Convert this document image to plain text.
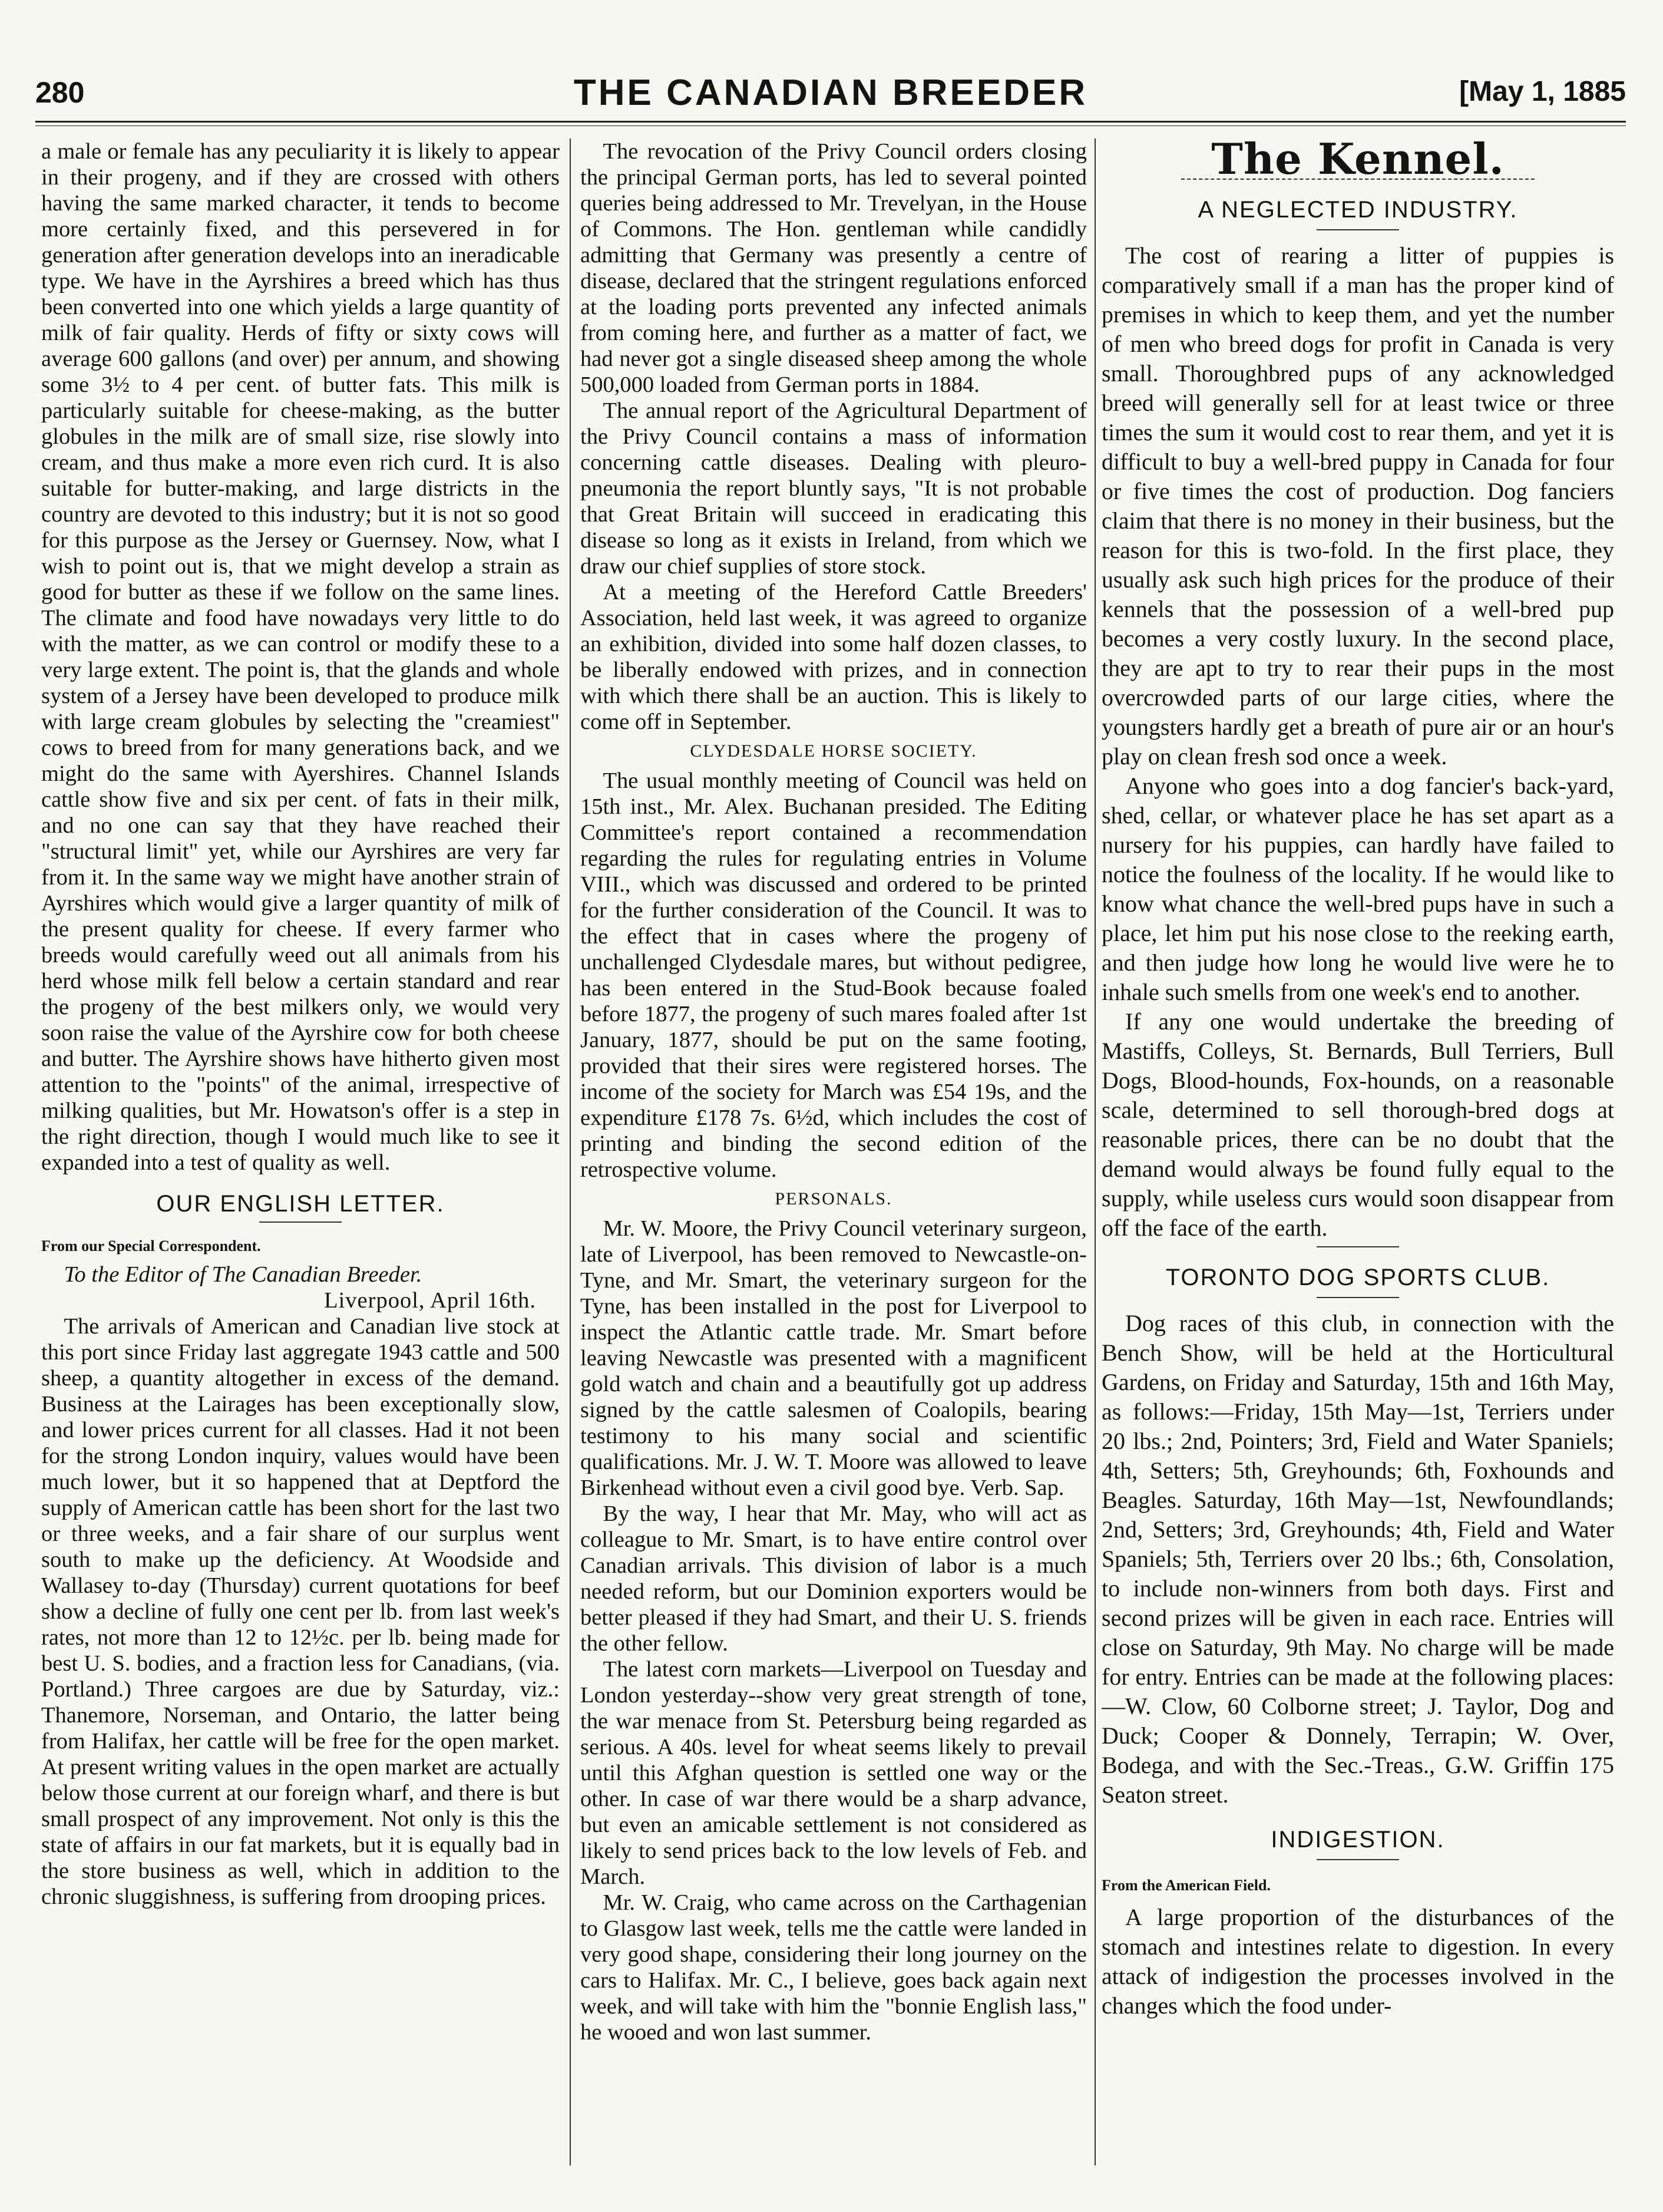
280	THE CANADIAN BREEDER	[May 1, 1885

a male or female has any peculiarity it is likely to appear in their progeny, and if they are crossed with others having the same marked character, it tends to become more certainly fixed, and this persevered in for generation after generation develops into an ineradicable type. We have in the Ayrshires a breed which has thus been converted into one which yields a large quantity of milk of fair quality. Herds of fifty or sixty cows will average 600 gallons (and over) per annum, and showing some 3½ to 4 per cent. of butter fats. This milk is particularly suitable for cheese-making, as the butter globules in the milk are of small size, rise slowly into cream, and thus make a more even rich curd. It is also suitable for butter-making, and large districts in the country are devoted to this industry; but it is not so good for this purpose as the Jersey or Guernsey. Now, what I wish to point out is, that we might develop a strain as good for butter as these if we follow on the same lines. The climate and food have nowadays very little to do with the matter, as we can control or modify these to a very large extent. The point is, that the glands and whole system of a Jersey have been developed to produce milk with large cream globules by selecting the "creamiest" cows to breed from for many generations back, and we might do the same with Ayershires. Channel Islands cattle show five and six per cent. of fats in their milk, and no one can say that they have reached their "structural limit" yet, while our Ayrshires are very far from it. In the same way we might have another strain of Ayrshires which would give a larger quantity of milk of the present quality for cheese. If every farmer who breeds would carefully weed out all animals from his herd whose milk fell below a certain standard and rear the progeny of the best milkers only, we would very soon raise the value of the Ayrshire cow for both cheese and butter. The Ayrshire shows have hitherto given most attention to the "points" of the animal, irrespective of milking qualities, but Mr. Howatson's offer is a step in the right direction, though I would much like to see it expanded into a test of quality as well.

OUR ENGLISH LETTER.
From our Special Correspondent.

To the Editor of The Canadian Breeder.

Liverpool, April 16th.

The arrivals of American and Canadian live stock at this port since Friday last aggregate 1943 cattle and 500 sheep, a quantity altogether in excess of the demand. Business at the Lairages has been exceptionally slow, and lower prices current for all classes. Had it not been for the strong London inquiry, values would have been much lower, but it so happened that at Deptford the supply of American cattle has been short for the last two or three weeks, and a fair share of our surplus went south to make up the deficiency. At Woodside and Wallasey to-day (Thursday) current quotations for beef show a decline of fully one cent per lb. from last week's rates, not more than 12 to 12½c. per lb. being made for best U. S. bodies, and a fraction less for Canadians, (via. Portland.) Three cargoes are due by Saturday, viz.: Thanemore, Norseman, and Ontario, the latter being from Halifax, her cattle will be free for the open market. At present writing values in the open market are actually below those current at our foreign wharf, and there is but small prospect of any improvement. Not only is this the state of affairs in our fat markets, but it is equally bad in the store business as well, which in addition to the chronic sluggishness, is suffering from drooping prices.

The revocation of the Privy Council orders closing the principal German ports, has led to several pointed queries being addressed to Mr. Trevelyan, in the House of Commons. The Hon. gentleman while candidly admitting that Germany was presently a centre of disease, declared that the stringent regulations enforced at the loading ports prevented any infected animals from coming here, and further as a matter of fact, we had never got a single diseased sheep among the whole 500,000 loaded from German ports in 1884.

The annual report of the Agricultural Department of the Privy Council contains a mass of information concerning cattle diseases. Dealing with pleuro-pneumonia the report bluntly says, "It is not probable that Great Britain will succeed in eradicating this disease so long as it exists in Ireland, from which we draw our chief supplies of store stock.

At a meeting of the Hereford Cattle Breeders' Association, held last week, it was agreed to organize an exhibition, divided into some half dozen classes, to be liberally endowed with prizes, and in connection with which there shall be an auction. This is likely to come off in September.

CLYDESDALE HORSE SOCIETY.

The usual monthly meeting of Council was held on 15th inst., Mr. Alex. Buchanan presided. The Editing Committee's report contained a recommendation regarding the rules for regulating entries in Volume VIII., which was discussed and ordered to be printed for the further consideration of the Council. It was to the effect that in cases where the progeny of unchallenged Clydesdale mares, but without pedigree, has been entered in the Stud-Book because foaled before 1877, the progeny of such mares foaled after 1st January, 1877, should be put on the same footing, provided that their sires were registered horses. The income of the society for March was £54 19s, and the expenditure £178 7s. 6½d, which includes the cost of printing and binding the second edition of the retrospective volume.

PERSONALS.

Mr. W. Moore, the Privy Council veterinary surgeon, late of Liverpool, has been removed to Newcastle-on-Tyne, and Mr. Smart, the veterinary surgeon for the Tyne, has been installed in the post for Liverpool to inspect the Atlantic cattle trade. Mr. Smart before leaving Newcastle was presented with a magnificent gold watch and chain and a beautifully got up address signed by the cattle salesmen of Coalopils, bearing testimony to his many social and scientific qualifications. Mr. J. W. T. Moore was allowed to leave Birkenhead without even a civil good bye. Verb. Sap.

By the way, I hear that Mr. May, who will act as colleague to Mr. Smart, is to have entire control over Canadian arrivals. This division of labor is a much needed reform, but our Dominion exporters would be better pleased if they had Smart, and their U. S. friends the other fellow.

The latest corn markets—Liverpool on Tuesday and London yesterday--show very great strength of tone, the war menace from St. Petersburg being regarded as serious. A 40s. level for wheat seems likely to prevail until this Afghan question is settled one way or the other. In case of war there would be a sharp advance, but even an amicable settlement is not considered as likely to send prices back to the low levels of Feb. and March.

Mr. W. Craig, who came across on the Carthagenian to Glasgow last week, tells me the cattle were landed in very good shape, considering their long journey on the cars to Halifax. Mr. C., I believe, goes back again next week, and will take with him the "bonnie English lass," he wooed and won last summer.

The Kennel.
A NEGLECTED INDUSTRY.

The cost of rearing a litter of puppies is comparatively small if a man has the proper kind of premises in which to keep them, and yet the number of men who breed dogs for profit in Canada is very small. Thoroughbred pups of any acknowledged breed will generally sell for at least twice or three times the sum it would cost to rear them, and yet it is difficult to buy a well-bred puppy in Canada for four or five times the cost of production. Dog fanciers claim that there is no money in their business, but the reason for this is two-fold. In the first place, they usually ask such high prices for the produce of their kennels that the possession of a well-bred pup becomes a very costly luxury. In the second place, they are apt to try to rear their pups in the most overcrowded parts of our large cities, where the youngsters hardly get a breath of pure air or an hour's play on clean fresh sod once a week.

Anyone who goes into a dog fancier's back-yard, shed, cellar, or whatever place he has set apart as a nursery for his puppies, can hardly have failed to notice the foulness of the locality. If he would like to know what chance the well-bred pups have in such a place, let him put his nose close to the reeking earth, and then judge how long he would live were he to inhale such smells from one week's end to another.

If any one would undertake the breeding of Mastiffs, Colleys, St. Bernards, Bull Terriers, Bull Dogs, Blood-hounds, Fox-hounds, on a reasonable scale, determined to sell thorough-bred dogs at reasonable prices, there can be no doubt that the demand would always be found fully equal to the supply, while useless curs would soon disappear from off the face of the earth.

TORONTO DOG SPORTS CLUB.

Dog races of this club, in connection with the Bench Show, will be held at the Horticultural Gardens, on Friday and Saturday, 15th and 16th May, as follows:—Friday, 15th May—1st, Terriers under 20 lbs.; 2nd, Pointers; 3rd, Field and Water Spaniels; 4th, Setters; 5th, Greyhounds; 6th, Foxhounds and Beagles. Saturday, 16th May—1st, Newfoundlands; 2nd, Setters; 3rd, Greyhounds; 4th, Field and Water Spaniels; 5th, Terriers over 20 lbs.; 6th, Consolation, to include non-winners from both days. First and second prizes will be given in each race. Entries will close on Saturday, 9th May. No charge will be made for entry. Entries can be made at the following places:—W. Clow, 60 Colborne street; J. Taylor, Dog and Duck; Cooper & Donnely, Terrapin; W. Over, Bodega, and with the Sec.-Treas., G.W. Griffin 175 Seaton street.

INDIGESTION.
From the American Field.

A large proportion of the disturbances of the stomach and intestines relate to digestion. In every attack of indigestion the processes involved in the changes which the food under-
